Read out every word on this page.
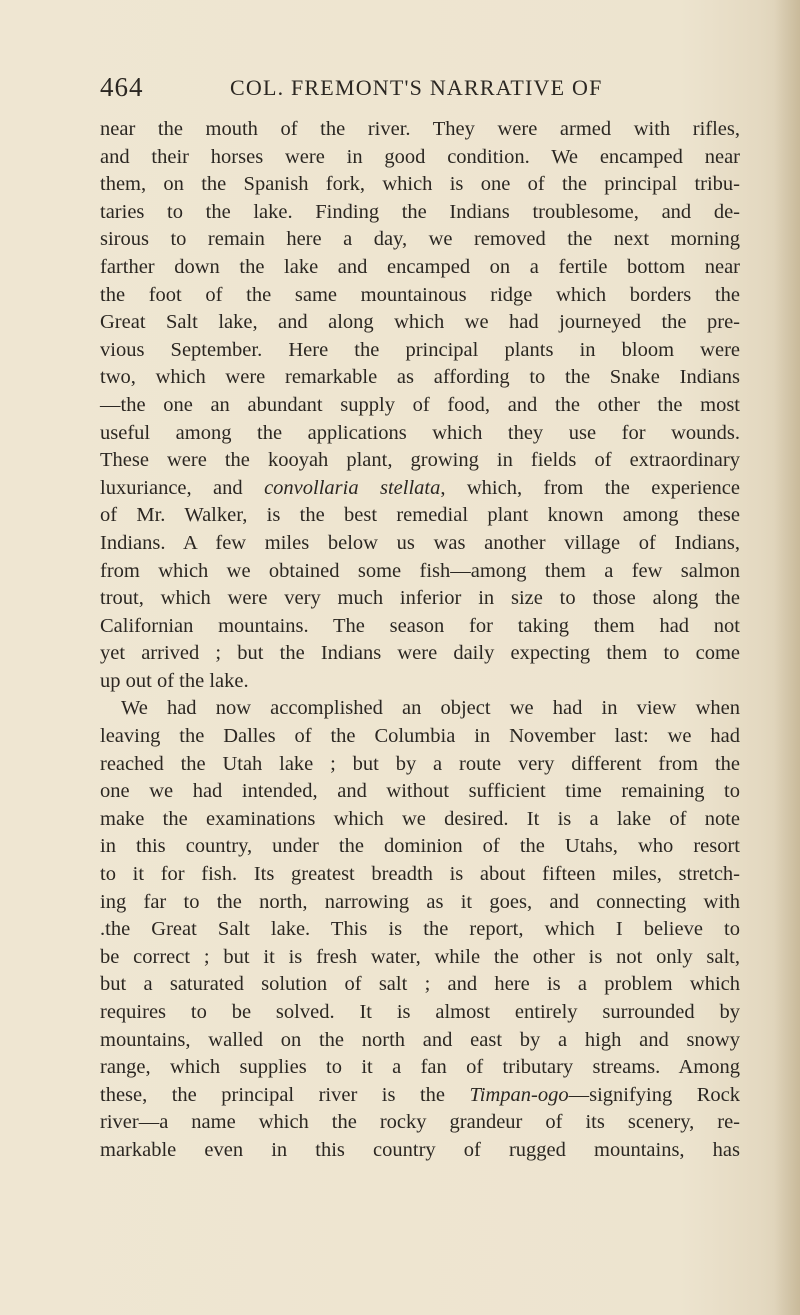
464	COL. FREMONT'S NARRATIVE OF
near the mouth of the river. They were armed with rifles,
and their horses were in good condition. We encamped near
them, on the Spanish fork, which is one of the principal tribu-
taries to the lake. Finding the Indians troublesome, and de-
sirous to remain here a day, we removed the next morning
farther down the lake and encamped on a fertile bottom near
the foot of the same mountainous ridge which borders the
Great Salt lake, and along which we had journeyed the pre-
vious September. Here the principal plants in bloom were
two, which were remarkable as affording to the Snake Indians
—the one an abundant supply of food, and the other the most
useful among the applications which they use for wounds.
These were the kooyah plant, growing in fields of extraordinary
luxuriance, and convollaria stellata, which, from the experience
of Mr. Walker, is the best remedial plant known among these
Indians. A few miles below us was another village of Indians,
from which we obtained some fish—among them a few salmon
trout, which were very much inferior in size to those along the
Californian mountains. The season for taking them had not
yet arrived ; but the Indians were daily expecting them to come
up out of the lake.
We had now accomplished an object we had in view when
leaving the Dalles of the Columbia in November last: we had
reached the Utah lake ; but by a route very different from the
one we had intended, and without sufficient time remaining to
make the examinations which we desired. It is a lake of note
in this country, under the dominion of the Utahs, who resort
to it for fish. Its greatest breadth is about fifteen miles, stretch-
ing far to the north, narrowing as it goes, and connecting with
.the Great Salt lake. This is the report, which I believe to
be correct ; but it is fresh water, while the other is not only salt,
but a saturated solution of salt ; and here is a problem which
requires to be solved. It is almost entirely surrounded by
mountains, walled on the north and east by a high and snowy
range, which supplies to it a fan of tributary streams. Among
these, the principal river is the Timpan-ogo—signifying Rock
river—a name which the rocky grandeur of its scenery, re-
markable even in this country of rugged mountains, has
